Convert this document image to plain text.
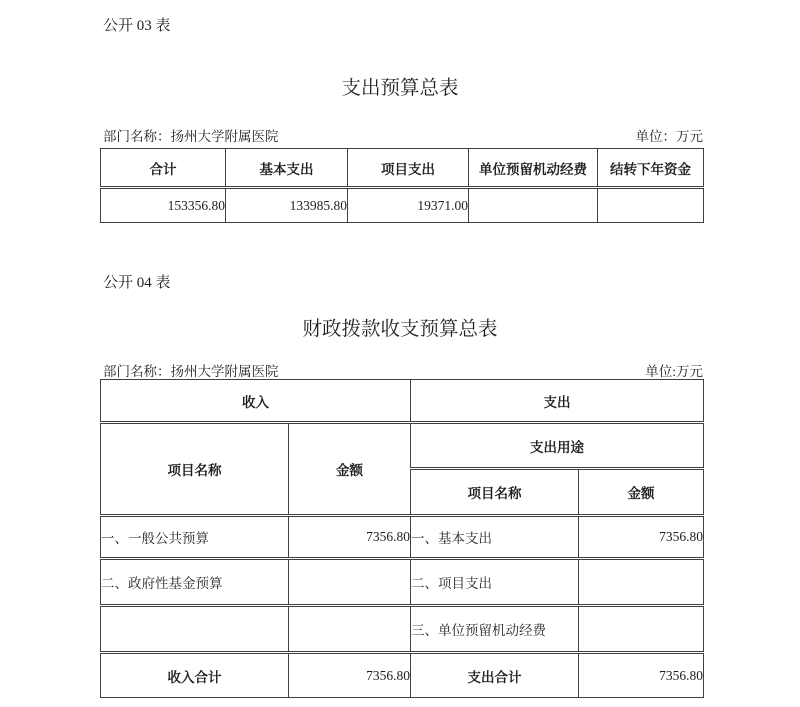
公开 03 表
支出预算总表
部门名称：扬州大学附属医院	单位：万元
合计	基本支出	项目支出	单位预留机动经费	结转下年资金
153356.80	133985.80	19371.00		
公开 04 表
财政拨款收支预算总表
部门名称：扬州大学附属医院	单位:万元
收入		支出	
项目名称	金额	支出用途	
		项目名称	金额
一、一般公共预算	7356.80	一、基本支出	7356.80
二、政府性基金预算		二、项目支出	
		三、单位预留机动经费	
收入合计	7356.80	支出合计	7356.80
